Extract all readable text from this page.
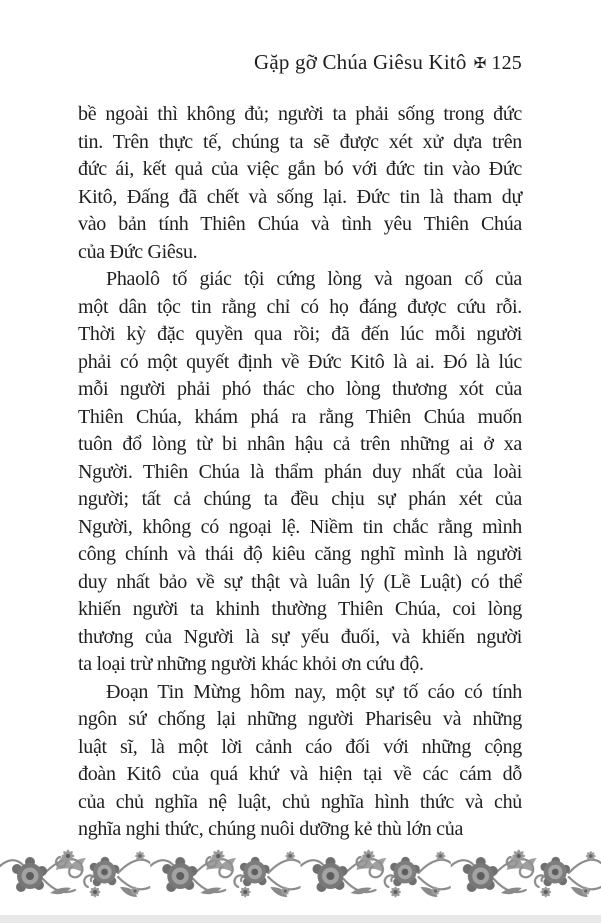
Gặp gỡ Chúa Giêsu Kitô ✠ 125
bề ngoài thì không đủ; người ta phải sống trong đức
tin. Trên thực tế, chúng ta sẽ được xét xử dựa trên
đức ái, kết quả của việc gắn bó với đức tin vào Đức
Kitô, Đấng đã chết và sống lại. Đức tin là tham dự
vào bản tính Thiên Chúa và tình yêu Thiên Chúa
của Đức Giêsu.
Phaolô tố giác tội cứng lòng và ngoan cố của
một dân tộc tin rằng chỉ có họ đáng được cứu rỗi.
Thời kỳ đặc quyền qua rồi; đã đến lúc mỗi người
phải có một quyết định về Đức Kitô là ai. Đó là lúc
mỗi người phải phó thác cho lòng thương xót của
Thiên Chúa, khám phá ra rằng Thiên Chúa muốn
tuôn đổ lòng từ bi nhân hậu cả trên những ai ở xa
Người. Thiên Chúa là thẩm phán duy nhất của loài
người; tất cả chúng ta đều chịu sự phán xét của
Người, không có ngoại lệ. Niềm tin chắc rằng mình
công chính và thái độ kiêu căng nghĩ mình là người
duy nhất bảo về sự thật và luân lý (Lề Luật) có thể
khiến người ta khinh thường Thiên Chúa, coi lòng
thương của Người là sự yếu đuối, và khiến người
ta loại trừ những người khác khỏi ơn cứu độ.
Đoạn Tin Mừng hôm nay, một sự tố cáo có tính
ngôn sứ chống lại những người Pharisêu và những
luật sĩ, là một lời cảnh cáo đối với những cộng
đoàn Kitô của quá khứ và hiện tại về các cám dỗ
của chủ nghĩa nệ luật, chủ nghĩa hình thức và chủ
nghĩa nghi thức, chúng nuôi dưỡng kẻ thù lớn của
